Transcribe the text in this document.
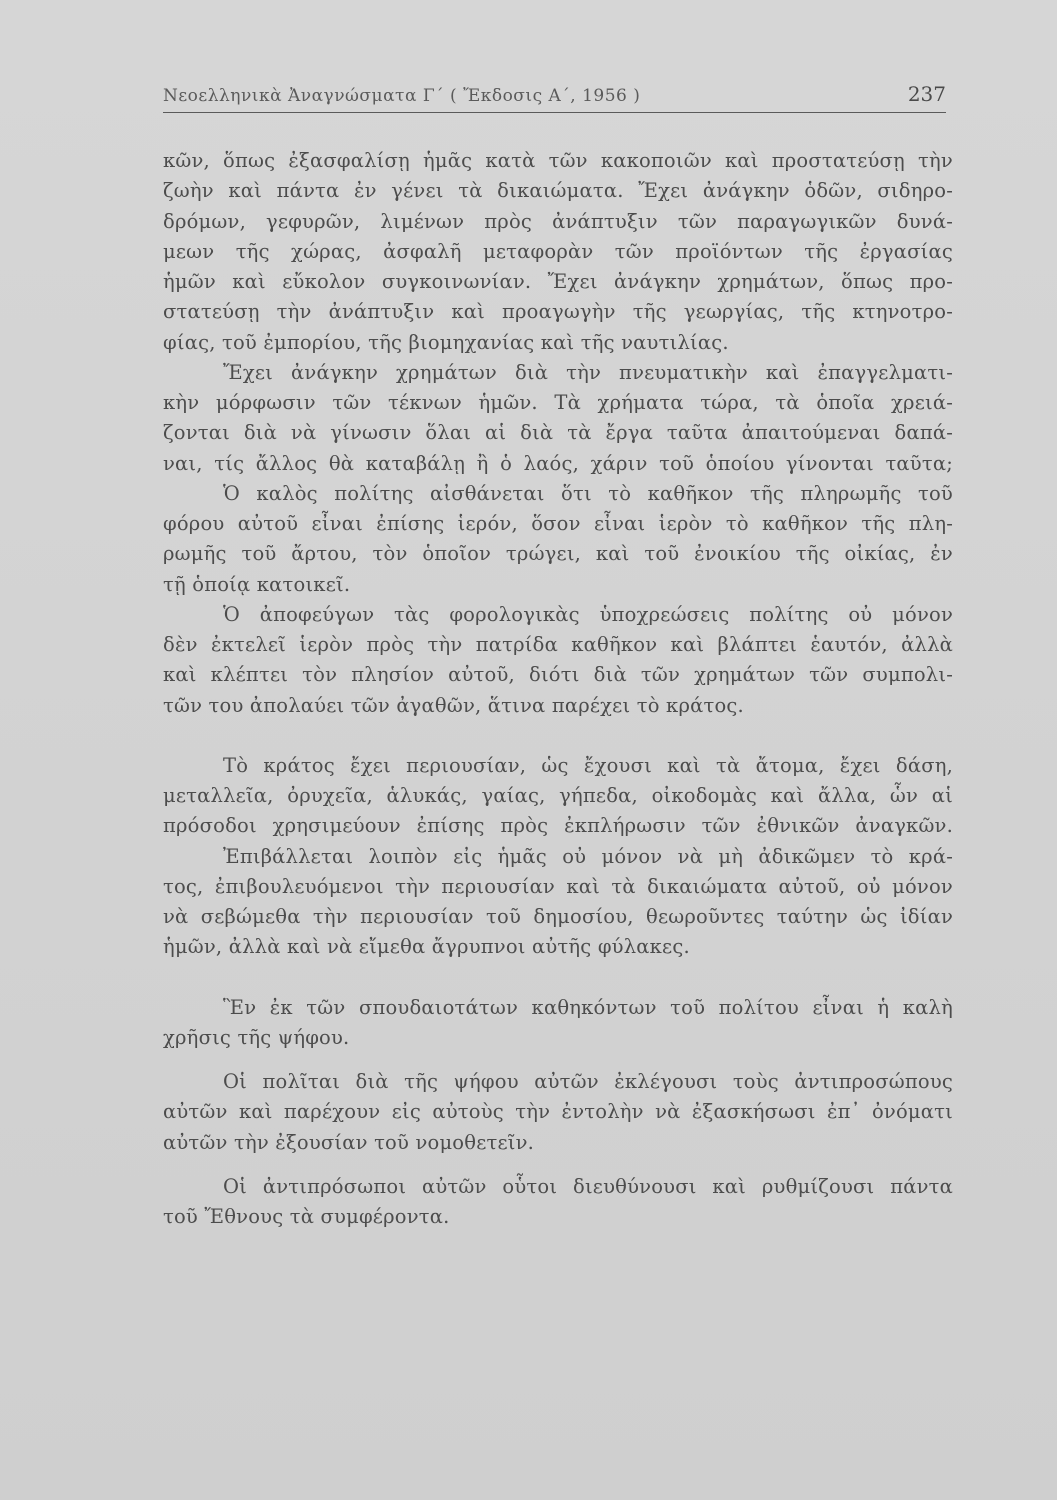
Νεοελληνικὰ Ἀναγνώσματα Γ΄ ( Ἔκδοσις Α΄, 1956 )	237
κῶν, ὅπως ἐξασφαλίσῃ ἡμᾶς κατὰ τῶν κακοποιῶν καὶ προστατεύσῃ τὴν
ζωὴν καὶ πάντα ἐν γένει τὰ δικαιώματα. Ἔχει ἀνάγκην ὁδῶν, σιδηρο-
δρόμων, γεφυρῶν, λιμένων πρὸς ἀνάπτυξιν τῶν παραγωγικῶν δυνά-
μεων τῆς χώρας, ἀσφαλῆ μεταφορὰν τῶν προϊόντων τῆς ἐργασίας
ἡμῶν καὶ εὔκολον συγκοινωνίαν. Ἔχει ἀνάγκην χρημάτων, ὅπως προ-
στατεύσῃ τὴν ἀνάπτυξιν καὶ προαγωγὴν τῆς γεωργίας, τῆς κτηνοτρο-
φίας, τοῦ ἐμπορίου, τῆς βιομηχανίας καὶ τῆς ναυτιλίας.
Ἔχει ἀνάγκην χρημάτων διὰ τὴν πνευματικὴν καὶ ἐπαγγελματι-
κὴν μόρφωσιν τῶν τέκνων ἡμῶν. Τὰ χρήματα τώρα, τὰ ὁποῖα χρειά-
ζονται διὰ νὰ γίνωσιν ὅλαι αἱ διὰ τὰ ἔργα ταῦτα ἀπαιτούμεναι δαπά-
ναι, τίς ἄλλος θὰ καταβάλῃ ἢ ὁ λαός, χάριν τοῦ ὁποίου γίνονται ταῦτα;
Ὁ καλὸς πολίτης αἰσθάνεται ὅτι τὸ καθῆκον τῆς πληρωμῆς τοῦ
φόρου αὐτοῦ εἶναι ἐπίσης ἱερόν, ὅσον εἶναι ἱερὸν τὸ καθῆκον τῆς πλη-
ρωμῆς τοῦ ἄρτου, τὸν ὁποῖον τρώγει, καὶ τοῦ ἐνοικίου τῆς οἰκίας, ἐν
τῇ ὁποίᾳ κατοικεῖ.
Ὁ ἀποφεύγων τὰς φορολογικὰς ὑποχρεώσεις πολίτης οὐ μόνον
δὲν ἐκτελεῖ ἱερὸν πρὸς τὴν πατρίδα καθῆκον καὶ βλάπτει ἑαυτόν, ἀλλὰ
καὶ κλέπτει τὸν πλησίον αὐτοῦ, διότι διὰ τῶν χρημάτων τῶν συμπολι-
τῶν του ἀπολαύει τῶν ἀγαθῶν, ἅτινα παρέχει τὸ κράτος.
Τὸ κράτος ἔχει περιουσίαν, ὡς ἔχουσι καὶ τὰ ἄτομα, ἔχει δάση,
μεταλλεῖα, ὀρυχεῖα, ἁλυκάς, γαίας, γήπεδα, οἰκοδομὰς καὶ ἄλλα, ὧν αἱ
πρόσοδοι χρησιμεύουν ἐπίσης πρὸς ἐκπλήρωσιν τῶν ἐθνικῶν ἀναγκῶν.
Ἐπιβάλλεται λοιπὸν εἰς ἡμᾶς οὐ μόνον νὰ μὴ ἀδικῶμεν τὸ κρά-
τος, ἐπιβουλευόμενοι τὴν περιουσίαν καὶ τὰ δικαιώματα αὐτοῦ, οὐ μόνον
νὰ σεβώμεθα τὴν περιουσίαν τοῦ δημοσίου, θεωροῦντες ταύτην ὡς ἰδίαν
ἡμῶν, ἀλλὰ καὶ νὰ εἴμεθα ἄγρυπνοι αὐτῆς φύλακες.
Ἓν ἐκ τῶν σπουδαιοτάτων καθηκόντων τοῦ πολίτου εἶναι ἡ καλὴ
χρῆσις τῆς ψήφου.
Οἱ πολῖται διὰ τῆς ψήφου αὐτῶν ἐκλέγουσι τοὺς ἀντιπροσώπους
αὐτῶν καὶ παρέχουν εἰς αὐτοὺς τὴν ἐντολὴν νὰ ἐξασκήσωσι ἐπ᾿ ὀνόματι
αὐτῶν τὴν ἐξουσίαν τοῦ νομοθετεῖν.
Οἱ ἀντιπρόσωποι αὐτῶν οὗτοι διευθύνουσι καὶ ρυθμίζουσι πάντα
τοῦ Ἔθνους τὰ συμφέροντα.
